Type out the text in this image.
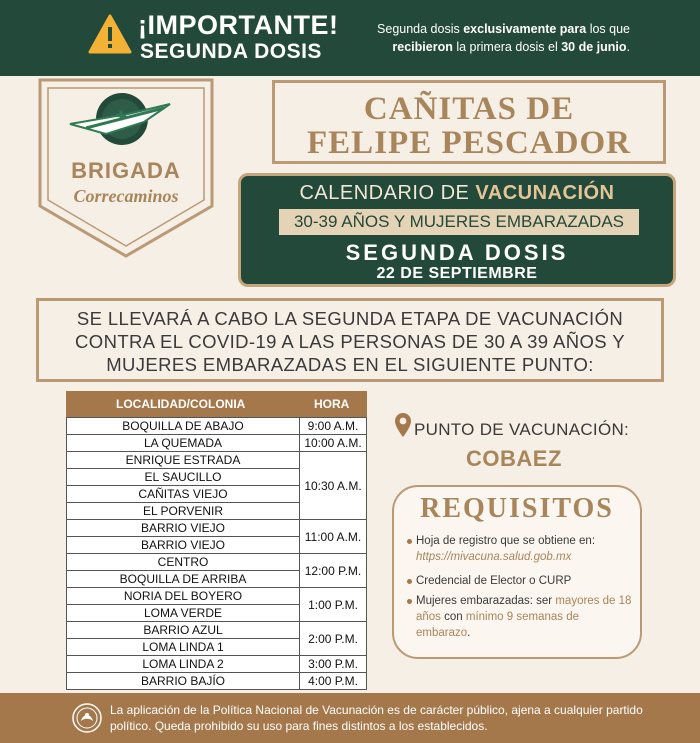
¡IMPORTANTE!
SEGUNDA DOSIS
Segunda dosis exclusivamente para los que recibieron la primera dosis el 30 de junio.
BRIGADA
Correcaminos
CAÑITAS DE
FELIPE PESCADOR
CALENDARIO DE VACUNACIÓN
30-39 AÑOS Y MUJERES EMBARAZADAS
SEGUNDA DOSIS
22 DE SEPTIEMBRE
SE LLEVARÁ A CABO LA SEGUNDA ETAPA DE VACUNACIÓN
CONTRA EL COVID-19 A LAS PERSONAS DE 30 A 39 AÑOS Y
MUJERES EMBARAZADAS EN EL SIGUIENTE PUNTO:
LOCALIDAD/COLONIA	HORA
BOQUILLA DE ABAJO
LA QUEMADA
ENRIQUE ESTRADA
EL SAUCILLO
CAÑITAS VIEJO
EL PORVENIR
BARRIO VIEJO
BARRIO VIEJO
CENTRO
BOQUILLA DE ARRIBA
NORIA DEL BOYERO
LOMA VERDE
BARRIO AZUL
LOMA LINDA 1
LOMA LINDA 2
BARRIO BAJÍO
9:00 A.M.
10:00 A.M.
10:30 A.M.
11:00 A.M.
12:00 P.M.
1:00 P.M.
2:00 P.M.
3:00 P.M.
4:00 P.M.
PUNTO DE VACUNACIÓN:
COBAEZ
REQUISITOS
Hoja de registro que se obtiene en: https://mivacuna.salud.gob.mx
Credencial de Elector o CURP
Mujeres embarazadas: ser mayores de 18 años con mínimo 9 semanas de embarazo.
La aplicación de la Política Nacional de Vacunación es de carácter público, ajena a cualquier partido político. Queda prohibido su uso para fines distintos a los establecidos.
